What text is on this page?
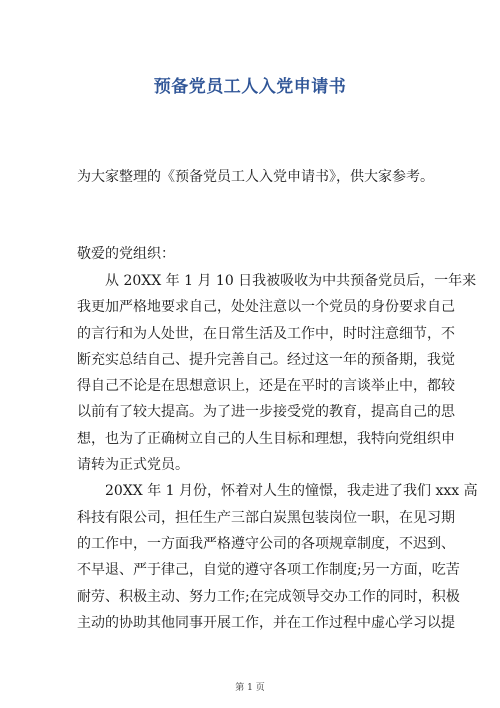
预备党员工人入党申请书
为大家整理的《预备党员工人入党申请书》，供大家参考。
敬爱的党组织：
从 20XX 年 1 月 10 日我被吸收为中共预备党员后，一年来
我更加严格地要求自己，处处注意以一个党员的身份要求自己
的言行和为人处世，在日常生活及工作中，时时注意细节，不
断充实总结自己、提升完善自己。经过这一年的预备期，我觉
得自己不论是在思想意识上，还是在平时的言谈举止中，都较
以前有了较大提高。为了进一步接受党的教育，提高自己的思
想，也为了正确树立自己的人生目标和理想，我特向党组织申
请转为正式党员。
20XX 年 1 月份，怀着对人生的憧憬，我走进了我们 xxx 高
科技有限公司，担任生产三部白炭黑包装岗位一职，在见习期
的工作中，一方面我严格遵守公司的各项规章制度，不迟到、
不早退、严于律己，自觉的遵守各项工作制度;另一方面，吃苦
耐劳、积极主动、努力工作;在完成领导交办工作的同时，积极
主动的协助其他同事开展工作，并在工作过程中虚心学习以提
第 1 页
